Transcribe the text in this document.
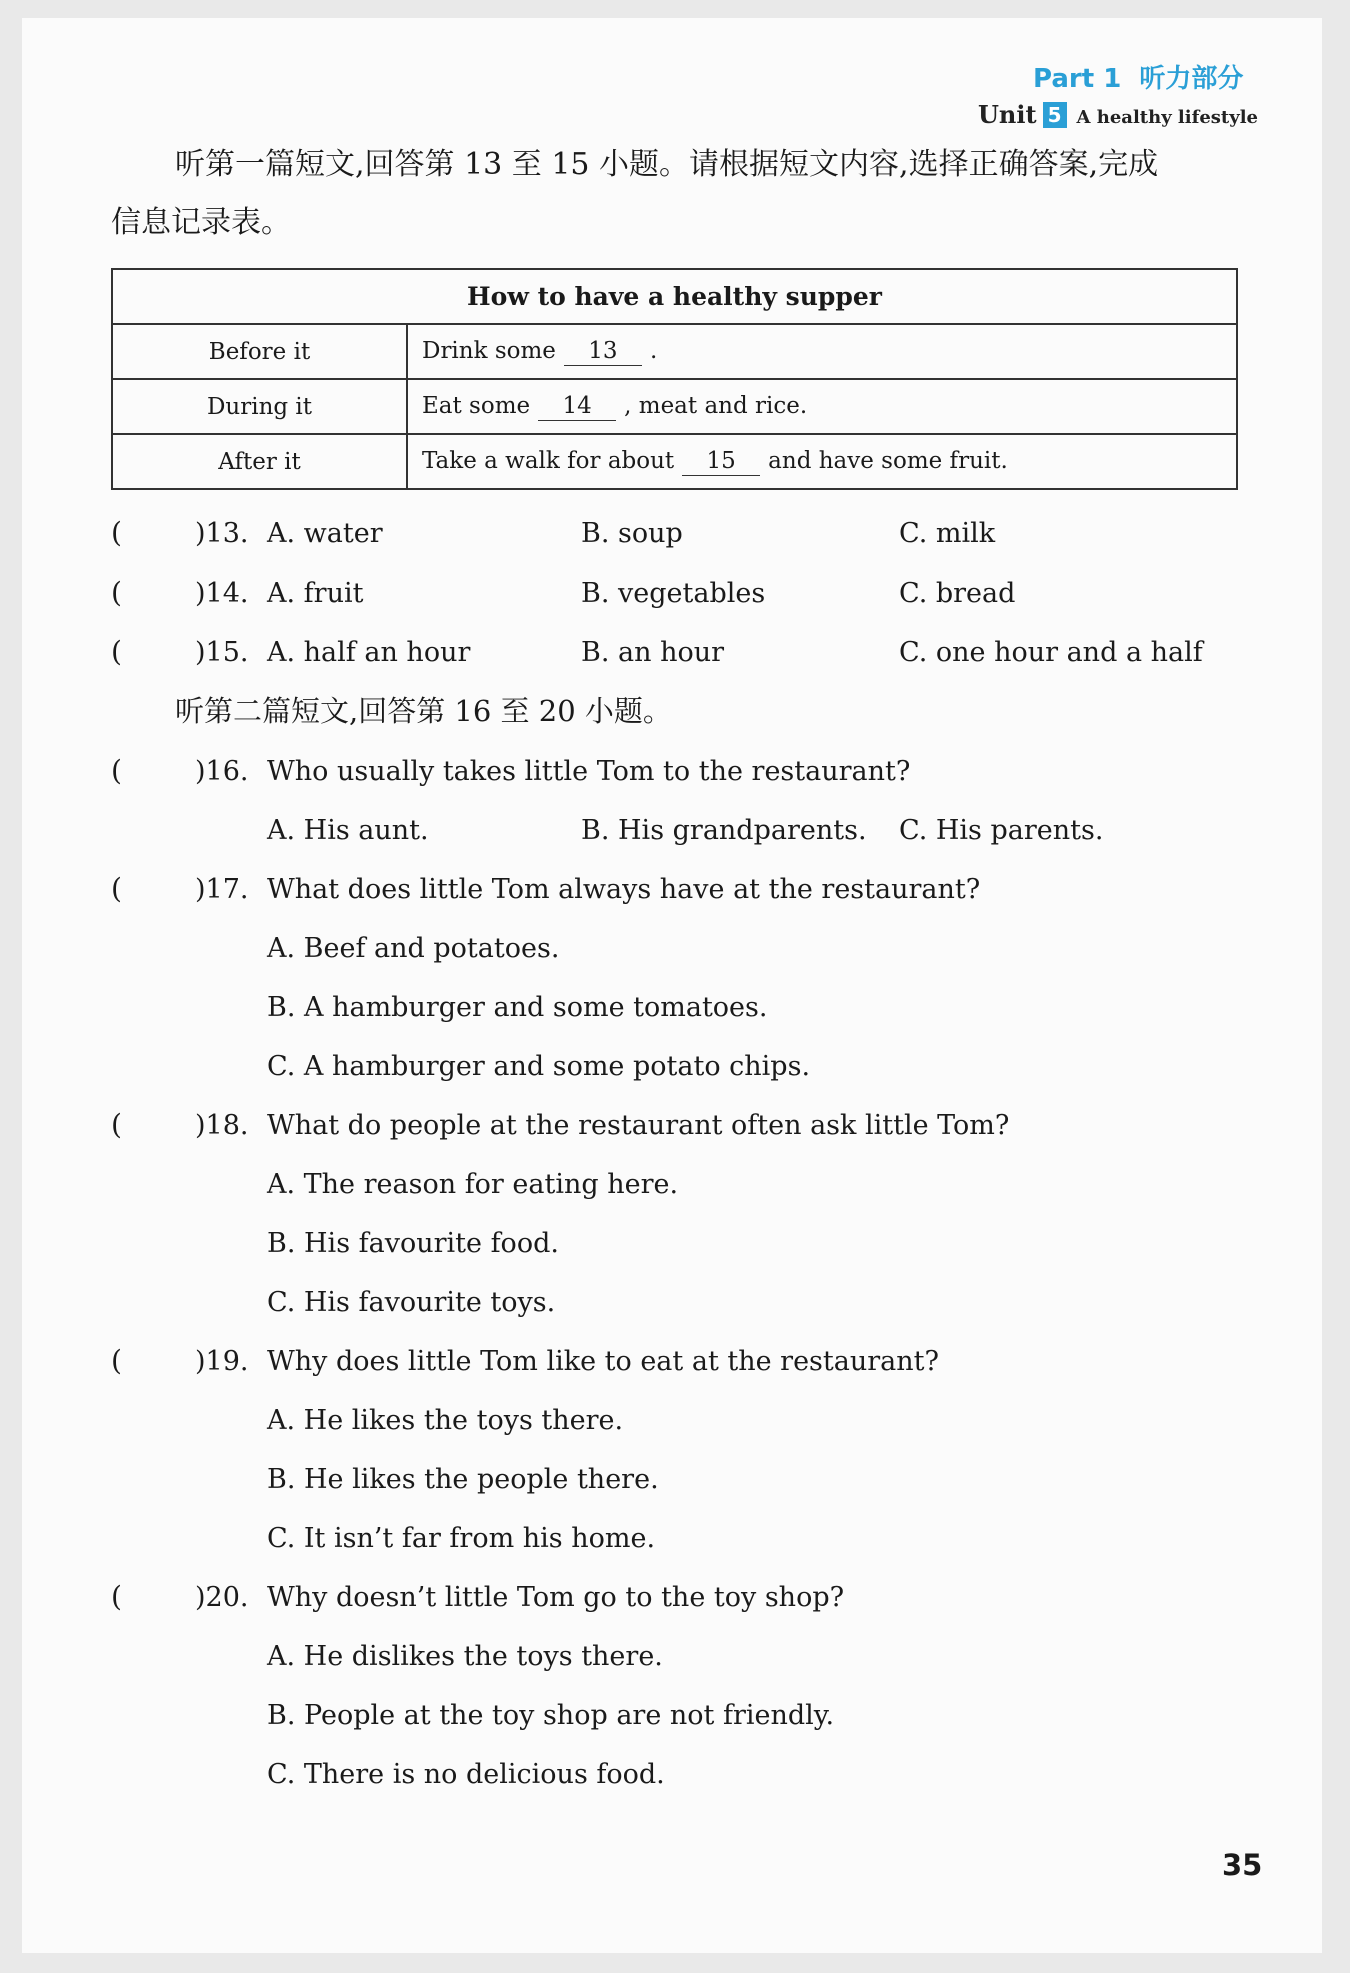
Part 1 听力部分
Unit 5 A healthy lifestyle
听第一篇短文,回答第 13 至 15 小题。请根据短文内容,选择正确答案,完成
信息记录表。
How to have a healthy supper	
Before it	Drink some 13 .
During it	Eat some 14 , meat and rice.
After it	Take a walk for about 15 and have some fruit.
(	)13. A. water	B. soup	C. milk
(	)14. A. fruit	B. vegetables	C. bread
(	)15. A. half an hour	B. an hour	C. one hour and a half
听第二篇短文,回答第 16 至 20 小题。
(	)16. Who usually takes little Tom to the restaurant?
A. His aunt.	B. His grandparents. C. His parents.
(	)17. What does little Tom always have at the restaurant?
A. Beef and potatoes.
B. A hamburger and some tomatoes.
C. A hamburger and some potato chips.
(	)18. What do people at the restaurant often ask little Tom?
A. The reason for eating here.
B. His favourite food.
C. His favourite toys.
(	)19. Why does little Tom like to eat at the restaurant?
A. He likes the toys there.
B. He likes the people there.
C. It isn’t far from his home.
(	)20. Why doesn’t little Tom go to the toy shop?
A. He dislikes the toys there.
B. People at the toy shop are not friendly.
C. There is no delicious food.
35
